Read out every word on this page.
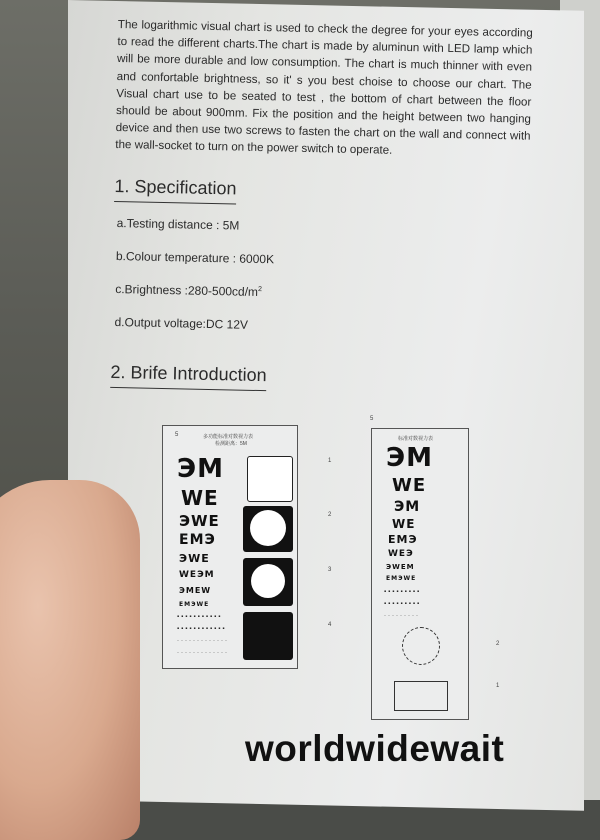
The logarithmic visual chart is used to check the degree for your eyes according to read the different charts.The chart is made by aluminun with LED lamp which will be more durable and low consumption. The chart is much thinner with even and confortable brightness, so it' s you best choise to choose our chart. The Visual chart use to be seated to test , the bottom of chart between the floor should be about 900mm. Fix the position and the height between two hanging device and then use two screws to fasten the chart on the wall and connect with the wall-socket to turn on the power switch to operate.

1. Specification
a.Testing distance : 5M
b.Colour temperature : 6000K
c.Brightness $:280-500cd/m^2$
d.Output voltage:DC 12V
2. Brife Introduction
多功能标准对数视力表
检测距离：5M
ЭM
WE
ЭWE
EMЭ
ЭWE
WEЭM
ЭMEW
EMЭWE
▪▪▪▪▪▪▪▪▪▪▪
▪▪▪▪▪▪▪▪▪▪▪▪
·············
·············
5
1
2
3
4
标准对数视力表
ЭM
WE
ЭM
WE
EMЭ
WEЭ
ЭWEM
EMЭWE
▪▪▪▪▪▪▪▪▪
▪▪▪▪▪▪▪▪▪
·········
5
2
1
worldwidewait
